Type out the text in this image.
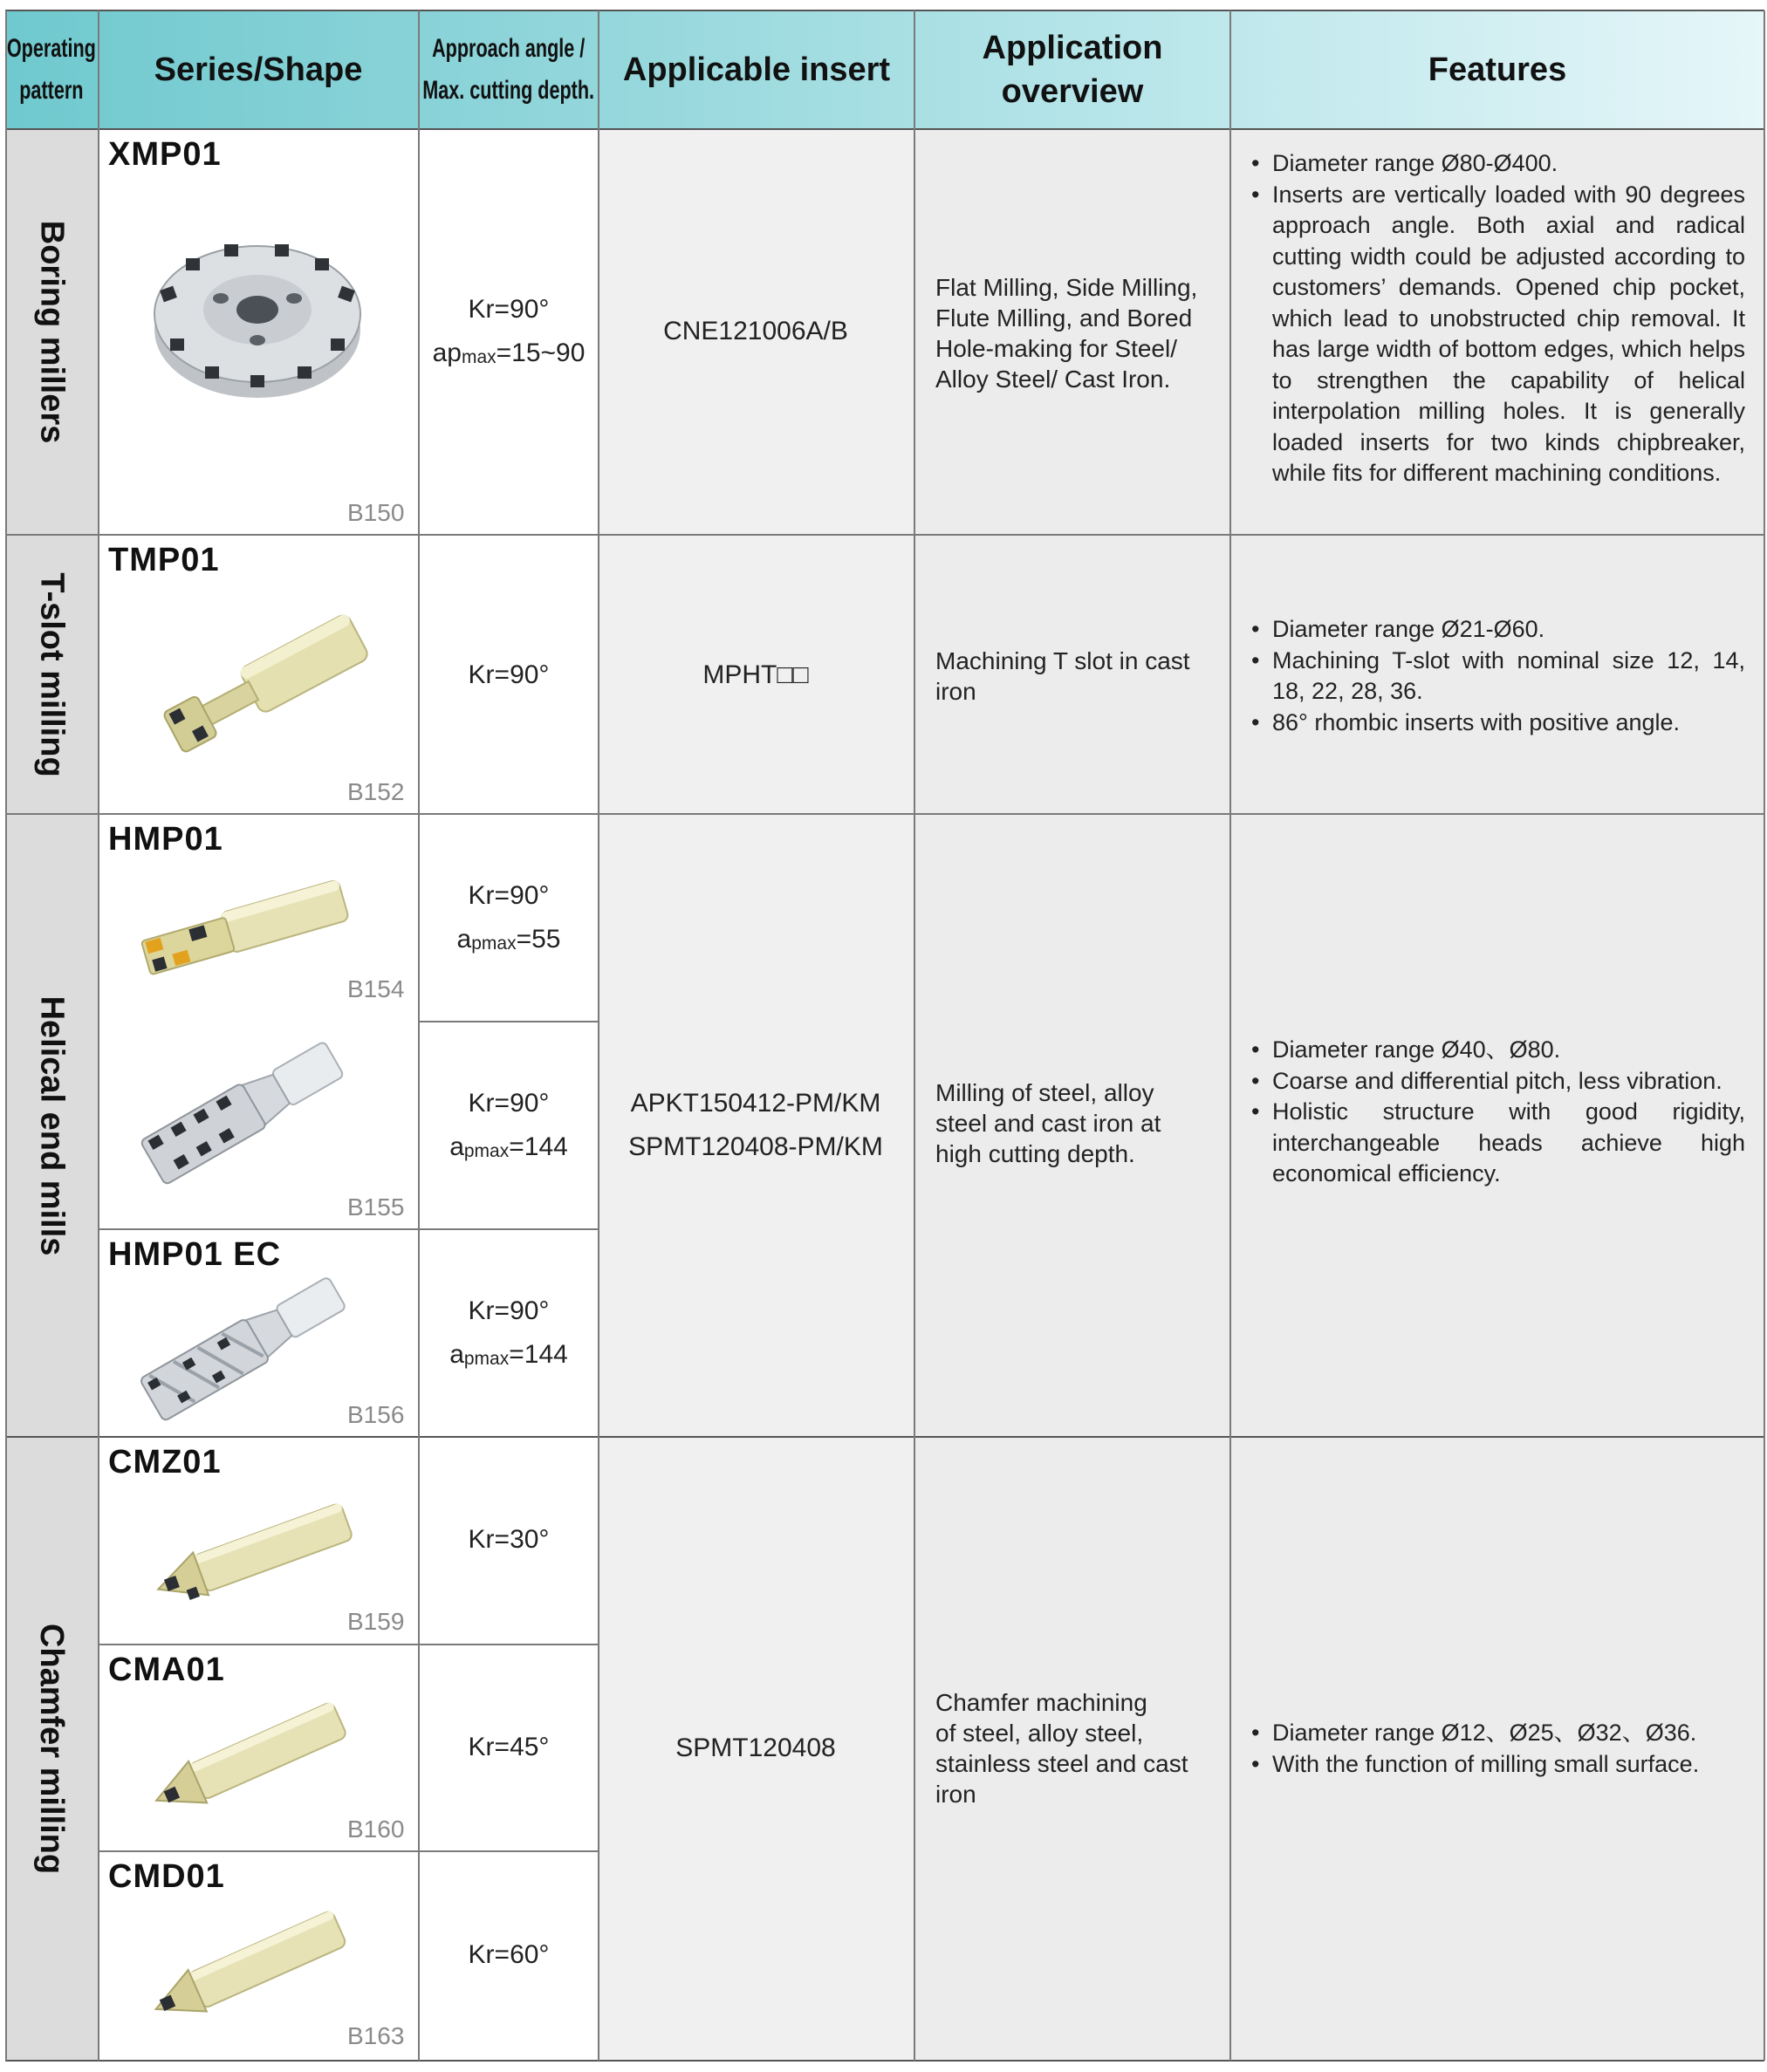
Operating
pattern
Series/Shape
Approach angle /
Max. cutting depth.
Applicable insert
Application
overview
Features
Boring millers
T-slot milling
Helical end mills
Chamfer milling
XMP01
B150
Kr=90°
$ap_{max}=15\sim 90$
CNE121006A/B
Flat Milling, Side Milling,
Flute Milling, and Bored
Hole-making for Steel/
Alloy Steel/ Cast Iron.
• Diameter range Ø80-Ø400.
• Inserts are vertically loaded with 90 degrees approach angle. Both axial and radical cutting width could be adjusted according to customers’ demands. Opened chip pocket, which lead to unobstructed chip removal. It has large width of bottom edges, which helps to strengthen the capability of helical interpolation milling holes. It is generally loaded inserts for two kinds chipbreaker, while fits for different machining conditions.
TMP01
B152
Kr=90°	MPHT□□	Machining T slot in cast
iron
• Diameter range Ø21-Ø60.
• Machining T-slot with nominal size 12, 14, 18, 22, 28, 36.
• 86° rhombic inserts with positive angle.
HMP01
B154
B155
Kr=90°
$a_{pmax}=55$
Kr=90°
$a_{pmax}=144$
APKT150412-PM/KM
SPMT120408-PM/KM
Milling of steel, alloy
steel and cast iron at
high cutting depth.
• Diameter range Ø40、Ø80.
• Coarse and differential pitch, less vibration.
• Holistic structure with good rigidity, interchangeable heads achieve high economical efficiency.
HMP01 EC
B156
Kr=90°
$a_{pmax}=144$
CMZ01
B159
Kr=30°
CMA01
B160
Kr=45°
CMD01
B163
Kr=60°
SPMT120408
Chamfer machining
of steel, alloy steel,
stainless steel and cast
iron
• Diameter range Ø12、Ø25、Ø32、Ø36.
• With the function of milling small surface.
